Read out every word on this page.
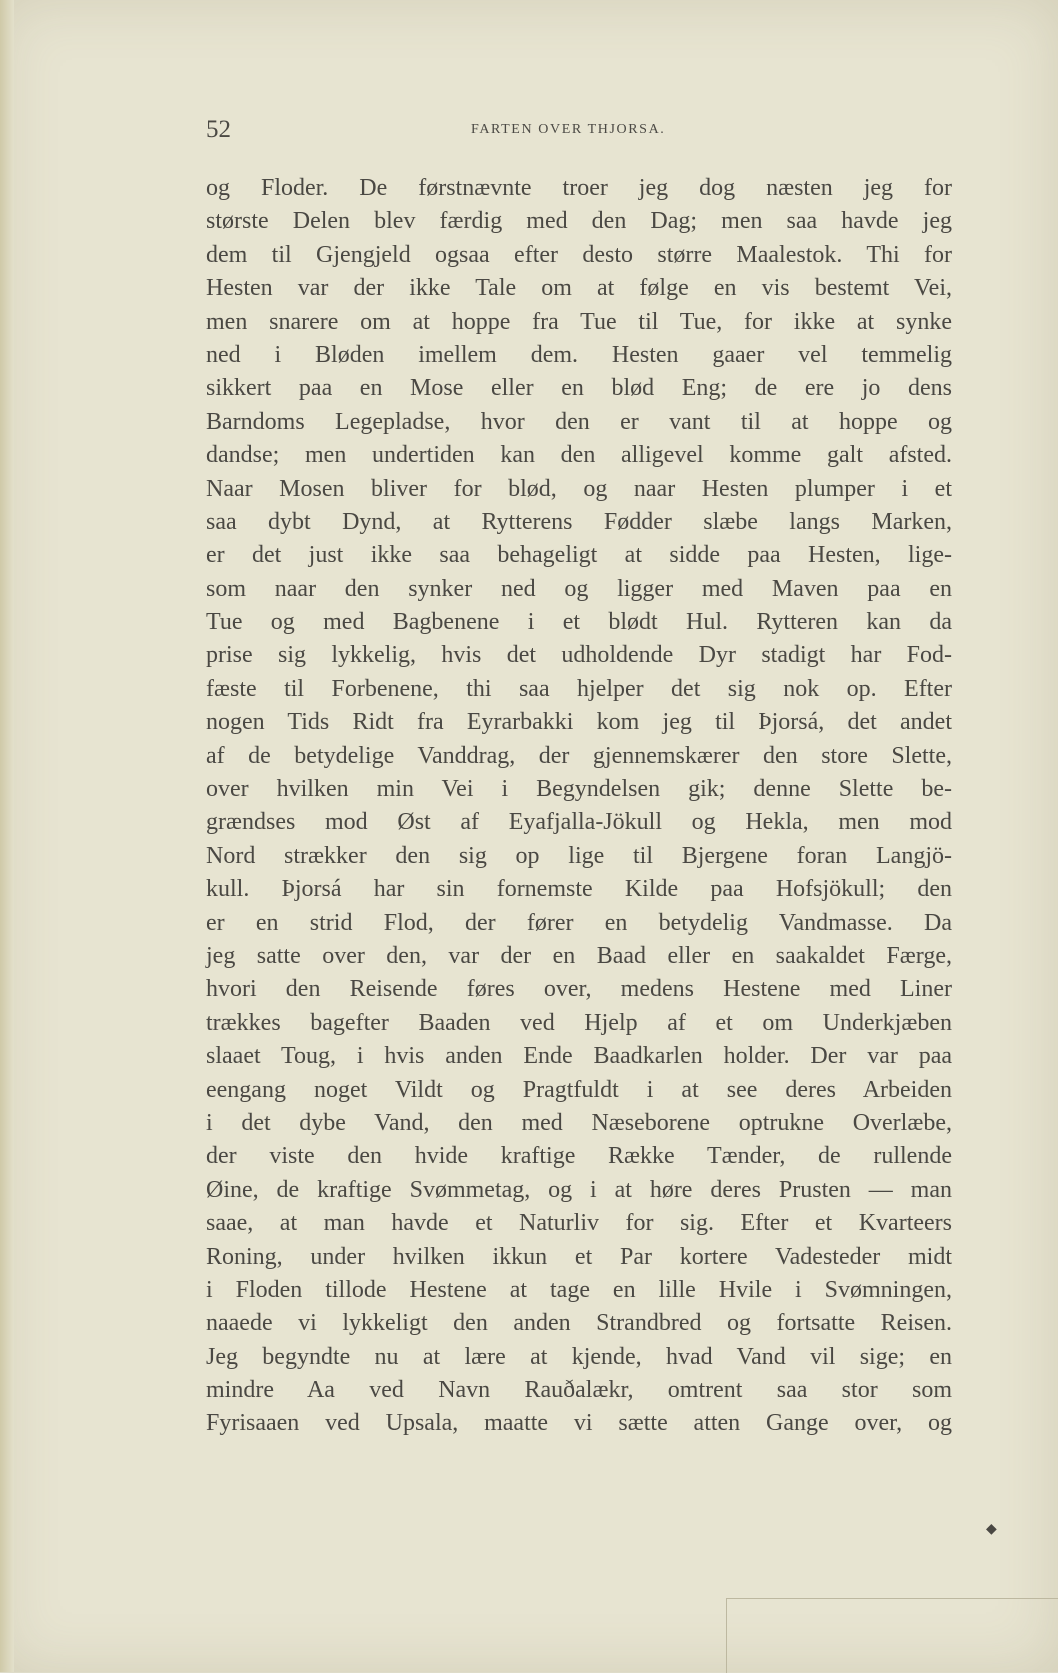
52	FARTEN OVER THJORSA.
og Floder. De førstnævnte troer jeg dog næsten jeg for
største Delen blev færdig med den Dag; men saa havde jeg
dem til Gjengjeld ogsaa efter desto større Maalestok. Thi for
Hesten var der ikke Tale om at følge en vis bestemt Vei,
men snarere om at hoppe fra Tue til Tue, for ikke at synke
ned i Bløden imellem dem. Hesten gaaer vel temmelig
sikkert paa en Mose eller en blød Eng; de ere jo dens
Barndoms Legepladse, hvor den er vant til at hoppe og
dandse; men undertiden kan den alligevel komme galt afsted.
Naar Mosen bliver for blød, og naar Hesten plumper i et
saa dybt Dynd, at Rytterens Fødder slæbe langs Marken,
er det just ikke saa behageligt at sidde paa Hesten, lige-
som naar den synker ned og ligger med Maven paa en
Tue og med Bagbenene i et blødt Hul. Rytteren kan da
prise sig lykkelig, hvis det udholdende Dyr stadigt har Fod-
fæste til Forbenene, thi saa hjelper det sig nok op. Efter
nogen Tids Ridt fra Eyrarbakki kom jeg til Þjorsá, det andet
af de betydelige Vanddrag, der gjennemskærer den store Slette,
over hvilken min Vei i Begyndelsen gik; denne Slette be-
grændses mod Øst af Eyafjalla-Jökull og Hekla, men mod
Nord strækker den sig op lige til Bjergene foran Langjö-
kull. Þjorsá har sin fornemste Kilde paa Hofsjökull; den
er en strid Flod, der fører en betydelig Vandmasse. Da
jeg satte over den, var der en Baad eller en saakaldet Færge,
hvori den Reisende føres over, medens Hestene med Liner
trækkes bagefter Baaden ved Hjelp af et om Underkjæben
slaaet Toug, i hvis anden Ende Baadkarlen holder. Der var paa
eengang noget Vildt og Pragtfuldt i at see deres Arbeiden
i det dybe Vand, den med Næseborene optrukne Overlæbe,
der viste den hvide kraftige Række Tænder, de rullende
Øine, de kraftige Svømmetag, og i at høre deres Prusten — man
saae, at man havde et Naturliv for sig. Efter et Kvarteers
Roning, under hvilken ikkun et Par kortere Vadesteder midt
i Floden tillode Hestene at tage en lille Hvile i Svømningen,
naaede vi lykkeligt den anden Strandbred og fortsatte Reisen.
Jeg begyndte nu at lære at kjende, hvad Vand vil sige; en
mindre Aa ved Navn Rauðalækr, omtrent saa stor som
Fyrisaaen ved Upsala, maatte vi sætte atten Gange over, og
◆
